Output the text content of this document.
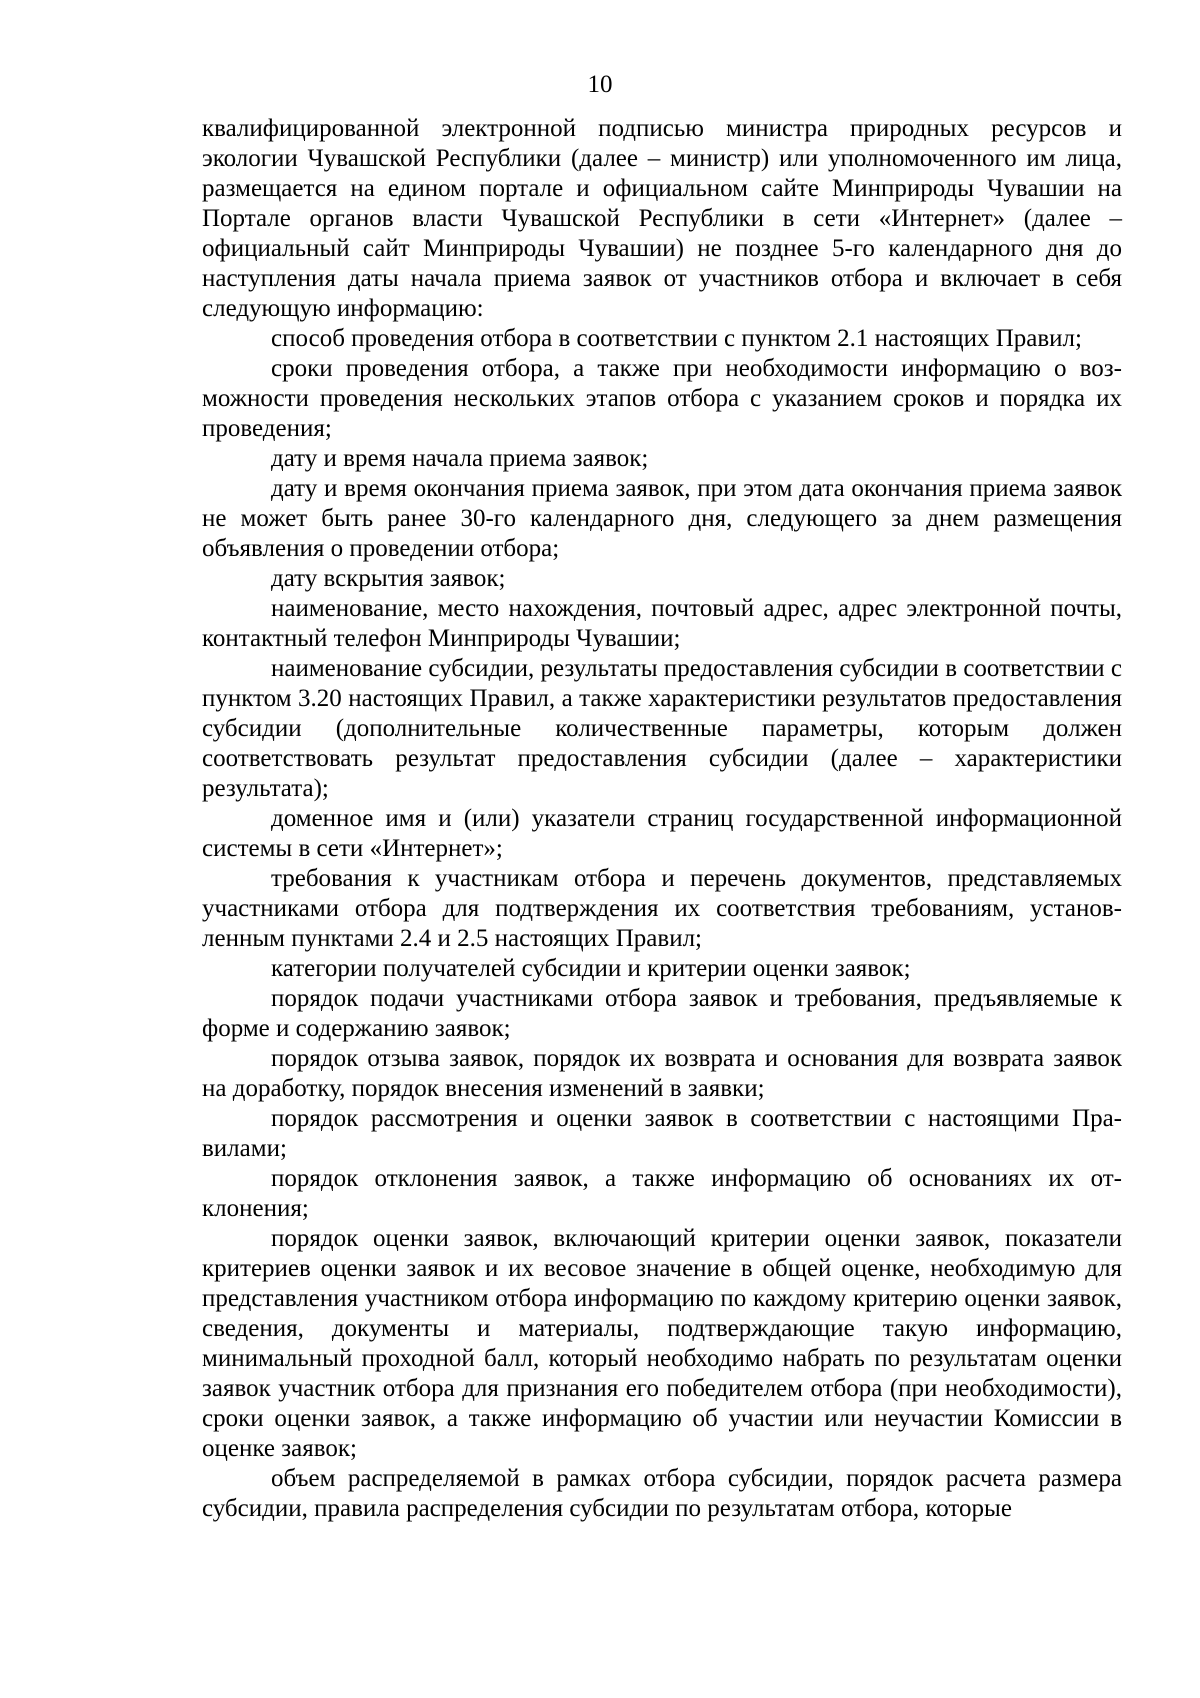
10

квалифицированной электронной подписью министра природных ресурсов и экологии Чувашской Республики (далее – министр) или уполномоченного им лица, размещается на едином портале и официальном сайте Минприроды Чувашии на Портале органов власти Чувашской Республики в сети «Интернет» (далее – официальный сайт Минприроды Чувашии) не позднее 5-го календарного дня до наступления даты начала приема заявок от участников отбора и включает в себя следующую информацию:

способ проведения отбора в соответствии с пунктом 2.1 настоящих Правил;

сроки проведения отбора, а также при необходимости информацию о возможности проведения нескольких этапов отбора с указанием сроков и порядка их проведения;

дату и время начала приема заявок;

дату и время окончания приема заявок, при этом дата окончания приема заявок не может быть ранее 30-го календарного дня, следующего за днем размещения объявления о проведении отбора;

дату вскрытия заявок;

наименование, место нахождения, почтовый адрес, адрес электронной почты, контактный телефон Минприроды Чувашии;

наименование субсидии, результаты предоставления субсидии в соответствии с пунктом 3.20 настоящих Правил, а также характеристики результатов предоставления субсидии (дополнительные количественные параметры, которым должен соответствовать результат предоставления субсидии (далее – характеристики результата);

доменное имя и (или) указатели страниц государственной информационной системы в сети «Интернет»;

требования к участникам отбора и перечень документов, представляемых участниками отбора для подтверждения их соответствия требованиям, установленным пунктами 2.4 и 2.5 настоящих Правил;

категории получателей субсидии и критерии оценки заявок;

порядок подачи участниками отбора заявок и требования, предъявляемые к форме и содержанию заявок;

порядок отзыва заявок, порядок их возврата и основания для возврата заявок на доработку, порядок внесения изменений в заявки;

порядок рассмотрения и оценки заявок в соответствии с настоящими Правилами;

порядок отклонения заявок, а также информацию об основаниях их отклонения;

порядок оценки заявок, включающий критерии оценки заявок, показатели критериев оценки заявок и их весовое значение в общей оценке, необходимую для представления участником отбора информацию по каждому критерию оценки заявок, сведения, документы и материалы, подтверждающие такую информацию, минимальный проходной балл, который необходимо набрать по результатам оценки заявок участник отбора для признания его победителем отбора (при необходимости), сроки оценки заявок, а также информацию об участии или неучастии Комиссии в оценке заявок;

объем распределяемой в рамках отбора субсидии, порядок расчета размера субсидии, правила распределения субсидии по результатам отбора, которые
